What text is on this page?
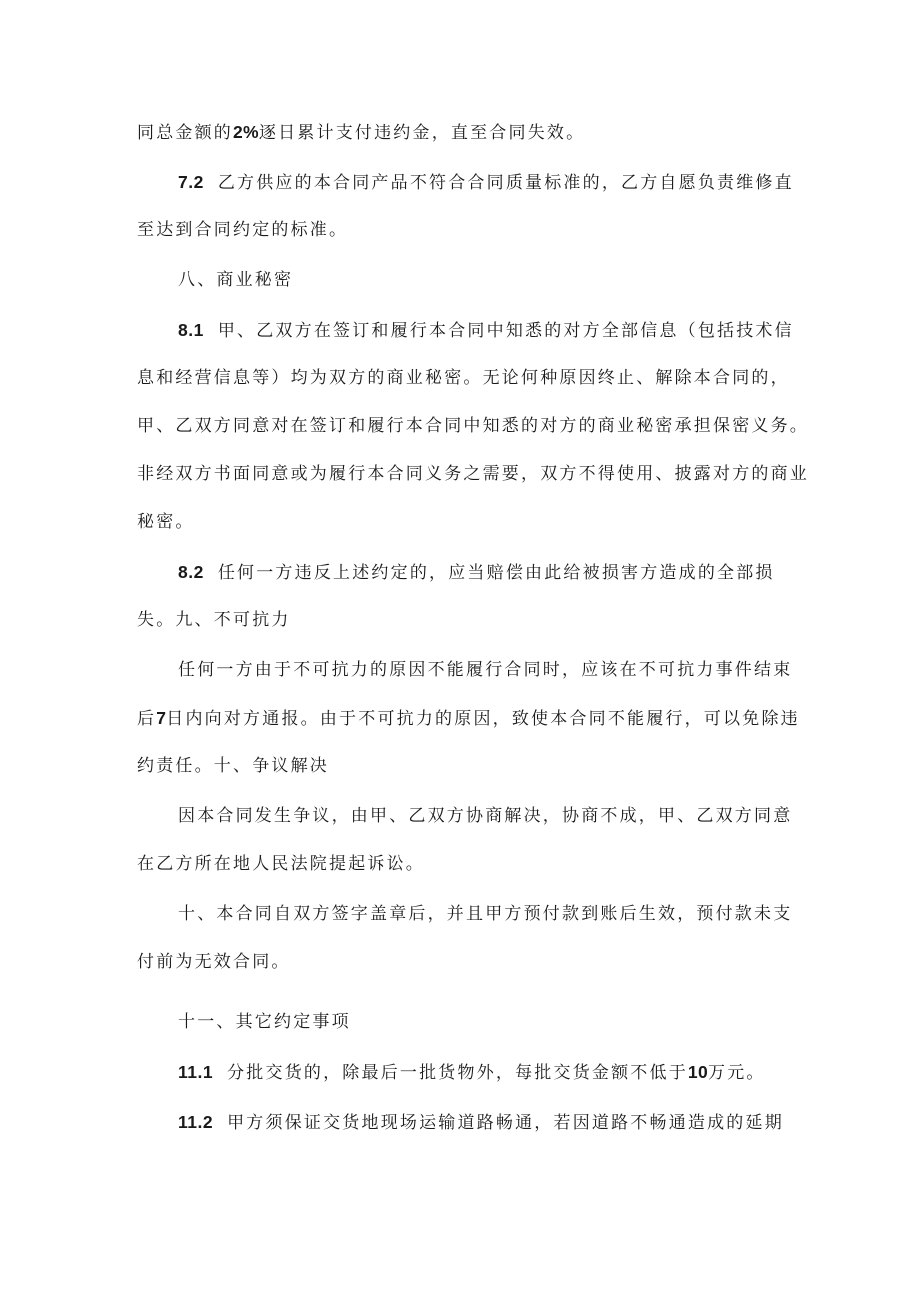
同总金额的2%逐日累计支付违约金，直至合同失效。
7.2 乙方供应的本合同产品不符合合同质量标准的，乙方自愿负责维修直
至达到合同约定的标准。
八、商业秘密
8.1 甲、乙双方在签订和履行本合同中知悉的对方全部信息（包括技术信
息和经营信息等）均为双方的商业秘密。无论何种原因终止、解除本合同的，
甲、乙双方同意对在签订和履行本合同中知悉的对方的商业秘密承担保密义务。
非经双方书面同意或为履行本合同义务之需要，双方不得使用、披露对方的商业
秘密。
8.2 任何一方违反上述约定的，应当赔偿由此给被损害方造成的全部损
失。九、不可抗力
任何一方由于不可抗力的原因不能履行合同时，应该在不可抗力事件结束
后7日内向对方通报。由于不可抗力的原因，致使本合同不能履行，可以免除违
约责任。十、争议解决
因本合同发生争议，由甲、乙双方协商解决，协商不成，甲、乙双方同意
在乙方所在地人民法院提起诉讼。
十、本合同自双方签字盖章后，并且甲方预付款到账后生效，预付款未支
付前为无效合同。
十一、其它约定事项
11.1 分批交货的，除最后一批货物外，每批交货金额不低于10万元。
11.2 甲方须保证交货地现场运输道路畅通，若因道路不畅通造成的延期
